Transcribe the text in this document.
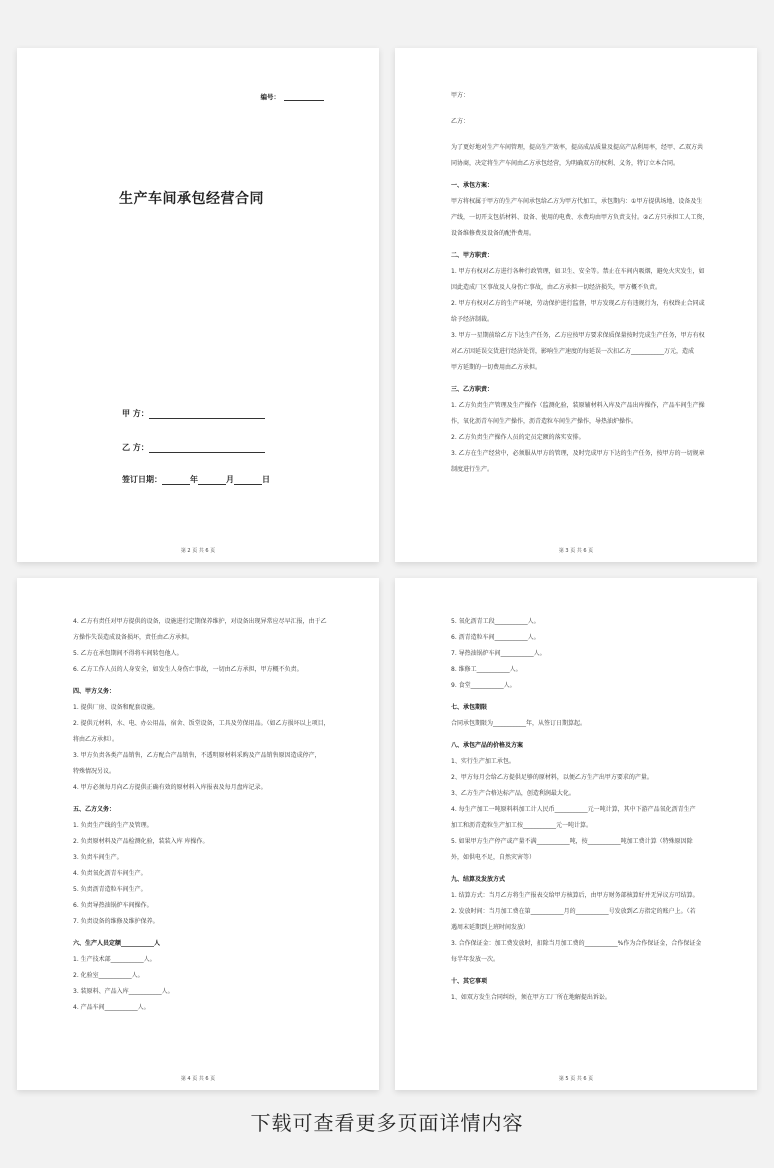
编号：
生产车间承包经营合同
甲 方：
乙 方：
签订日期：	年	月	日
第 2 页 共 6 页
甲方：
乙方：
为了更好地对生产车间管理，提高生产效率，提高成品质量及提高产品利用率，经甲、乙双方共
同协商，决定将生产车间由乙方承包经营，为明确双方的权利、义务，特订立本合同。
一、承包方案：
甲方将权属于甲方的生产车间承包给乙方为甲方代加工，承包期内：①甲方提供场地、设备及生
产线，一切开支包括材料、设备、使用的电费、水费均由甲方负责支付。②乙方只承担工人工资，
设备维修费及设备的配件费用。
二、甲方职责：
1. 甲方有权对乙方进行各种行政管理，如卫生、安全等。禁止在车间内吸烟，避免火灾发生，如
因此造成厂区事故及人身伤亡事故，由乙方承担一切经济损失，甲方概不负责。
2. 甲方有权对乙方的生产环境，劳动保护进行监督，甲方发现乙方有违规行为，有权终止合同或
给予经济制裁。
3. 甲方一星期前给乙方下达生产任务，乙方应按甲方要求保质保量按时完成生产任务，甲方有权
对乙方因延误交货进行经济处罚，影响生产速度的每延误一次扣乙方___________万元，造成
甲方延期的一切费用由乙方承担。
三、乙方职责：
1. 乙方负责生产管理及生产操作（监测化验，装原辅材料入库及产品出库操作，产品车间生产操
作，氧化沥青车间生产操作，沥青造粒车间生产操作，导热油炉操作。
2. 乙方负责生产操作人员的定员定额的落实安排。
3. 乙方在生产经营中，必须服从甲方的管理，及时完成甲方下达的生产任务，按甲方的一切规章
制度进行生产。
第 3 页 共 6 页
4. 乙方有责任对甲方提供的设备，设施进行定期保养维护，对设备出现异常应尽早汇报，由于乙
方操作失误造成设备损坏，责任由乙方承担。
5. 乙方在承包期间不得将车间转包他人。
6. 乙方工作人员的人身安全，如发生人身伤亡事故，一切由乙方承担，甲方概不负责。
四、甲方义务：
1. 提供厂房、设备和配套设施。
2. 提供元材料，水、电、办公用品，宿舍、饭堂设备，工具及劳保用品。（如乙方损坏以上项目，
将由乙方承担）。
3. 甲方负责各类产品销售，乙方配合产品销售，不透明原材料采购及产品销售原因造成停产，
特殊情况另议。
4. 甲方必须每月向乙方提供正确有效的原材料入库报表及每月盘库记录。
五、乙方义务：
1. 负责生产线的生产及管理。
2. 负责原材料及产品检测化验，装装入库 库操作。
3. 负责车间生产。
4. 负责氧化沥青车间生产。
5. 负责沥青造粒车间生产。
6. 负责导热油锅炉车间操作。
7. 负责设备的维修及维护保养。
六、生产人员定额___________人
1. 生产技术部___________人。
2. 化验室___________人。
3. 装原料、产品入库___________人。
4. 产品车间___________人。
第 4 页 共 6 页
5. 氧化沥青工段___________人。
6. 沥青造粒车间___________人。
7. 导热油锅炉车间___________人。
8. 维修工___________人。
9. 食堂___________人。
七、承包期限
合同承包期限为___________年，从签订日期算起。
八、承包产品的价格及方案
1、实行生产加工承包。
2、甲方每月会给乙方提供足够的原材料，以便乙方生产出甲方要求的产量。
3、乙方生产合格达标产品，创造利润最大化。
4. 每生产加工一吨原料料加工计人民币___________元一吨计算，其中下游产品氧化沥青生产
加工和沥青造粒生产加工按___________元一吨计算。
5. 如果甲方生产停产或产量不满___________吨，按___________吨加工费计算（特殊原因除
外，如供电不足，自然灾害等）
九、结算及发放方式
1. 结算方式：当月乙方将生产报表交给甲方核算后，由甲方财务部核算好并无异议方可结算。
2. 发放时间：当月加工费在第___________月的___________号发放到乙方指定的账户上。（若
遇周末延期到上班时间发放）
3. 合作保证金：加工费发放时，扣除当月加工费的___________%作为合作保证金，合作保证金
每半年发放一次。
十、其它事项
1、如双方发生合同纠纷，须在甲方工厂所在地解提出诉讼。
第 5 页 共 6 页
下载可查看更多页面详情内容
